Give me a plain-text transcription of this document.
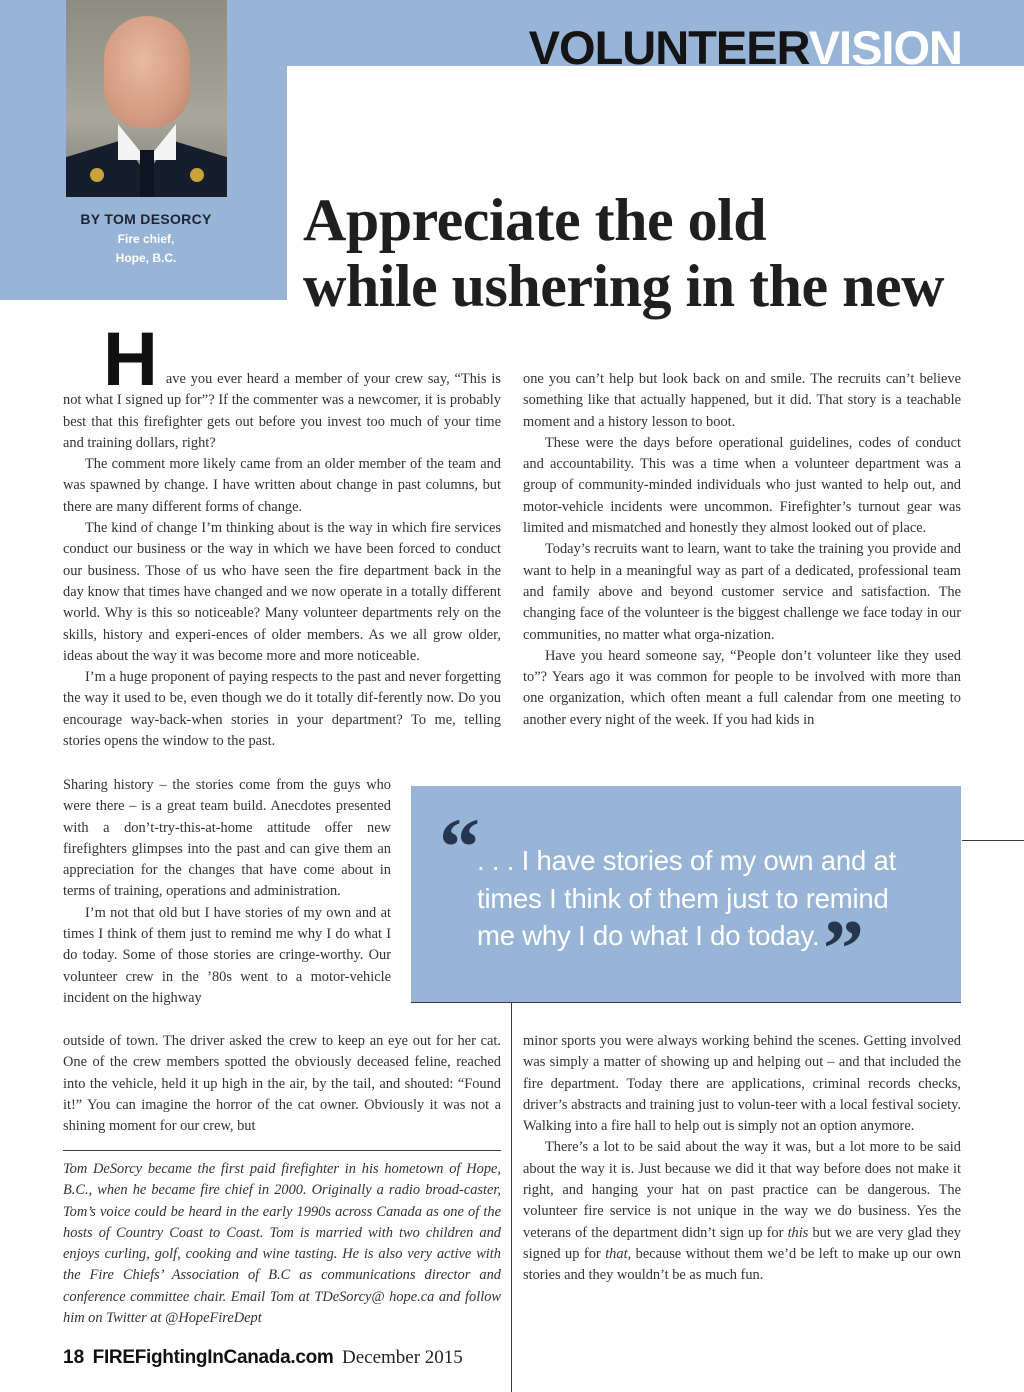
BY TOM DESORCY
Fire chief,
Hope, B.C.
VOLUNTEERVISION
Appreciate the old
while ushering in the new

Have you ever heard a member of your crew say, “This is not what I signed up for”? If the commenter was a newcomer, it is probably best that this firefighter gets out before you invest too much of your time and training dollars, right?

The comment more likely came from an older member of the team and was spawned by change. I have written about change in past columns, but there are many different forms of change.

The kind of change I’m thinking about is the way in which fire services conduct our business or the way in which we have been forced to conduct our business. Those of us who have seen the fire department back in the day know that times have changed and we now operate in a totally different world. Why is this so noticeable? Many volunteer departments rely on the skills, history and experi-ences of older members. As we all grow older, ideas about the way it was become more and more noticeable.

I’m a huge proponent of paying respects to the past and never forgetting the way it used to be, even though we do it totally dif-ferently now. Do you encourage way-back-when stories in your department? To me, telling stories opens the window to the past.

Sharing history – the stories come from the guys who were there – is a great team build. Anecdotes presented with a don’t-try-this-at-home attitude offer new firefighters glimpses into the past and can give them an appreciation for the changes that have come about in terms of training, operations and administration.

I’m not that old but I have stories of my own and at times I think of them just to remind me why I do what I do today. Some of those stories are cringe-worthy. Our volunteer crew in the ’80s went to a motor-vehicle incident on the highway

outside of town. The driver asked the crew to keep an eye out for her cat. One of the crew members spotted the obviously deceased feline, reached into the vehicle, held it up high in the air, by the tail, and shouted: “Found it!” You can imagine the horror of the cat owner. Obviously it was not a shining moment for our crew, but

one you can’t help but look back on and smile. The recruits can’t believe something like that actually happened, but it did. That story is a teachable moment and a history lesson to boot.

These were the days before operational guidelines, codes of conduct and accountability. This was a time when a volunteer department was a group of community-minded individuals who just wanted to help out, and motor-vehicle incidents were uncommon. Firefighter’s turnout gear was limited and mismatched and honestly they almost looked out of place.

Today’s recruits want to learn, want to take the training you provide and want to help in a meaningful way as part of a dedicated, professional team and family above and beyond customer service and satisfaction. The changing face of the volunteer is the biggest challenge we face today in our communities, no matter what orga-nization.

Have you heard someone say, “People don’t volunteer like they used to”? Years ago it was common for people to be involved with more than one organization, which often meant a full calendar from one meeting to another every night of the week. If you had kids in

minor sports you were always working behind the scenes. Getting involved was simply a matter of showing up and helping out – and that included the fire department. Today there are applications, criminal records checks, driver’s abstracts and training just to volun-teer with a local festival society. Walking into a fire hall to help out is simply not an option anymore.

There’s a lot to be said about the way it was, but a lot more to be said about the way it is. Just because we did it that way before does not make it right, and hanging your hat on past practice can be dangerous. The volunteer fire service is not unique in the way we do business. Yes the veterans of the department didn’t sign up for this but we are very glad they signed up for that, because without them we’d be left to make up our own stories and they wouldn’t be as much fun.

“
. . . I have stories of my own and at times I think of them just to remind me why I do what I do today. ”
Tom DeSorcy became the first paid firefighter in his hometown of Hope, B.C., when he became fire chief in 2000. Originally a radio broad-caster, Tom’s voice could be heard in the early 1990s across Canada as one of the hosts of Country Coast to Coast. Tom is married with two children and enjoys curling, golf, cooking and wine tasting. He is also very active with the Fire Chiefs’ Association of B.C as communications director and conference committee chair. Email Tom at TDeSorcy@ hope.ca and follow him on Twitter at @HopeFireDept
18 FIREFightingInCanada.com December 2015
